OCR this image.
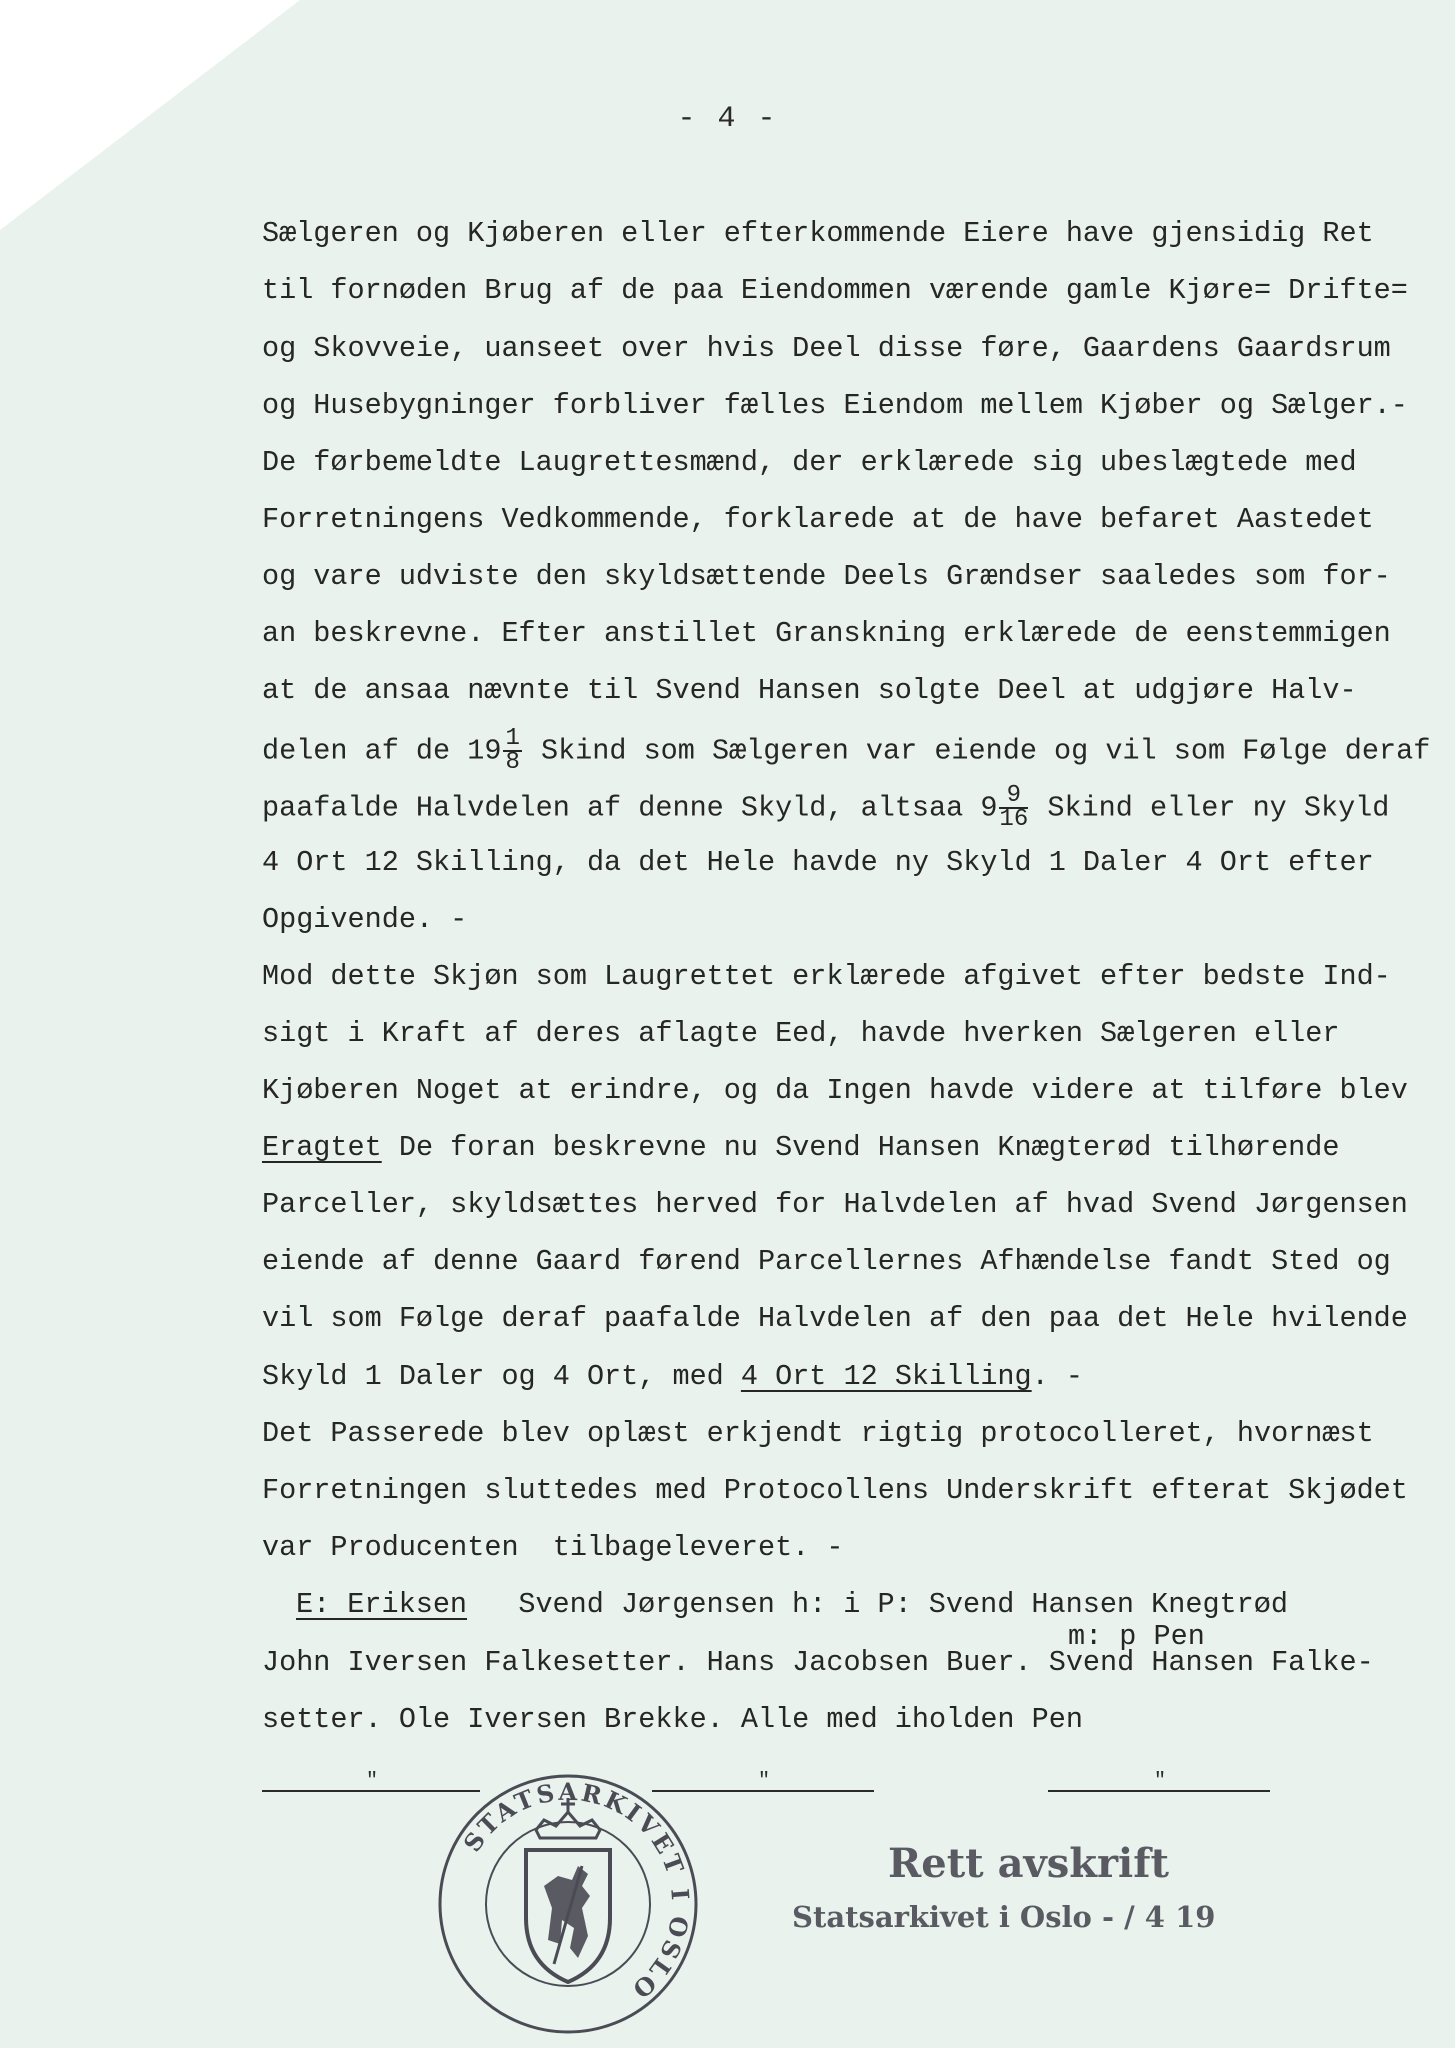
- 4 -
Sælgeren og Kjøberen eller efterkommende Eiere have gjensidig Ret
til fornøden Brug af de paa Eiendommen værende gamle Kjøre= Drifte=
og Skovveie, uanseet over hvis Deel disse føre, Gaardens Gaardsrum
og Husebygninger forbliver fælles Eiendom mellem Kjøber og Sælger.-
De førbemeldte Laugrettesmænd, der erklærede sig ubeslægtede med
Forretningens Vedkommende, forklarede at de have befaret Aastedet
og vare udviste den skyldsættende Deels Grændser saaledes som for-
an beskrevne. Efter anstillet Granskning erklærede de eenstemmigen
at de ansaa nævnte til Svend Hansen solgte Deel at udgjøre Halv-
delen af de $19 \frac{1}{8}$ Skind som Sælgeren var eiende og vil som Følge deraf
paafalde Halvdelen af denne Skyld, altsaa $9 \frac{9}{16}$ Skind eller ny Skyld
4 Ort 12 Skilling, da det Hele havde ny Skyld 1 Daler 4 Ort efter
Opgivende. -
Mod dette Skjøn som Laugrettet erklærede afgivet efter bedste Ind-
sigt i Kraft af deres aflagte Eed, havde hverken Sælgeren eller
Kjøberen Noget at erindre, og da Ingen havde videre at tilføre blev
Eragtet De foran beskrevne nu Svend Hansen Knægterød tilhørende
Parceller, skyldsættes herved for Halvdelen af hvad Svend Jørgensen
eiende af denne Gaard førend Parcellernes Afhændelse fandt Sted og
vil som Følge deraf paafalde Halvdelen af den paa det Hele hvilende
Skyld 1 Daler og 4 Ort, med 4 Ort 12 Skilling. -
Det Passerede blev oplæst erkjendt rigtig protocolleret, hvornæst
Forretningen sluttedes med Protocollens Underskrift efterat Skjødet
var Producenten  tilbageleveret. -
E: Eriksen   Svend Jørgensen h: i P: Svend Hansen Knegtrød
m: p Pen
John Iversen Falkesetter. Hans Jacobsen Buer. Svend Hansen Falke-
setter. Ole Iversen Brekke. Alle med iholden Pen
"	"	"
STATSARKIVET I OSLO
Rett avskrift
Statsarkivet i Oslo - / 4 19
